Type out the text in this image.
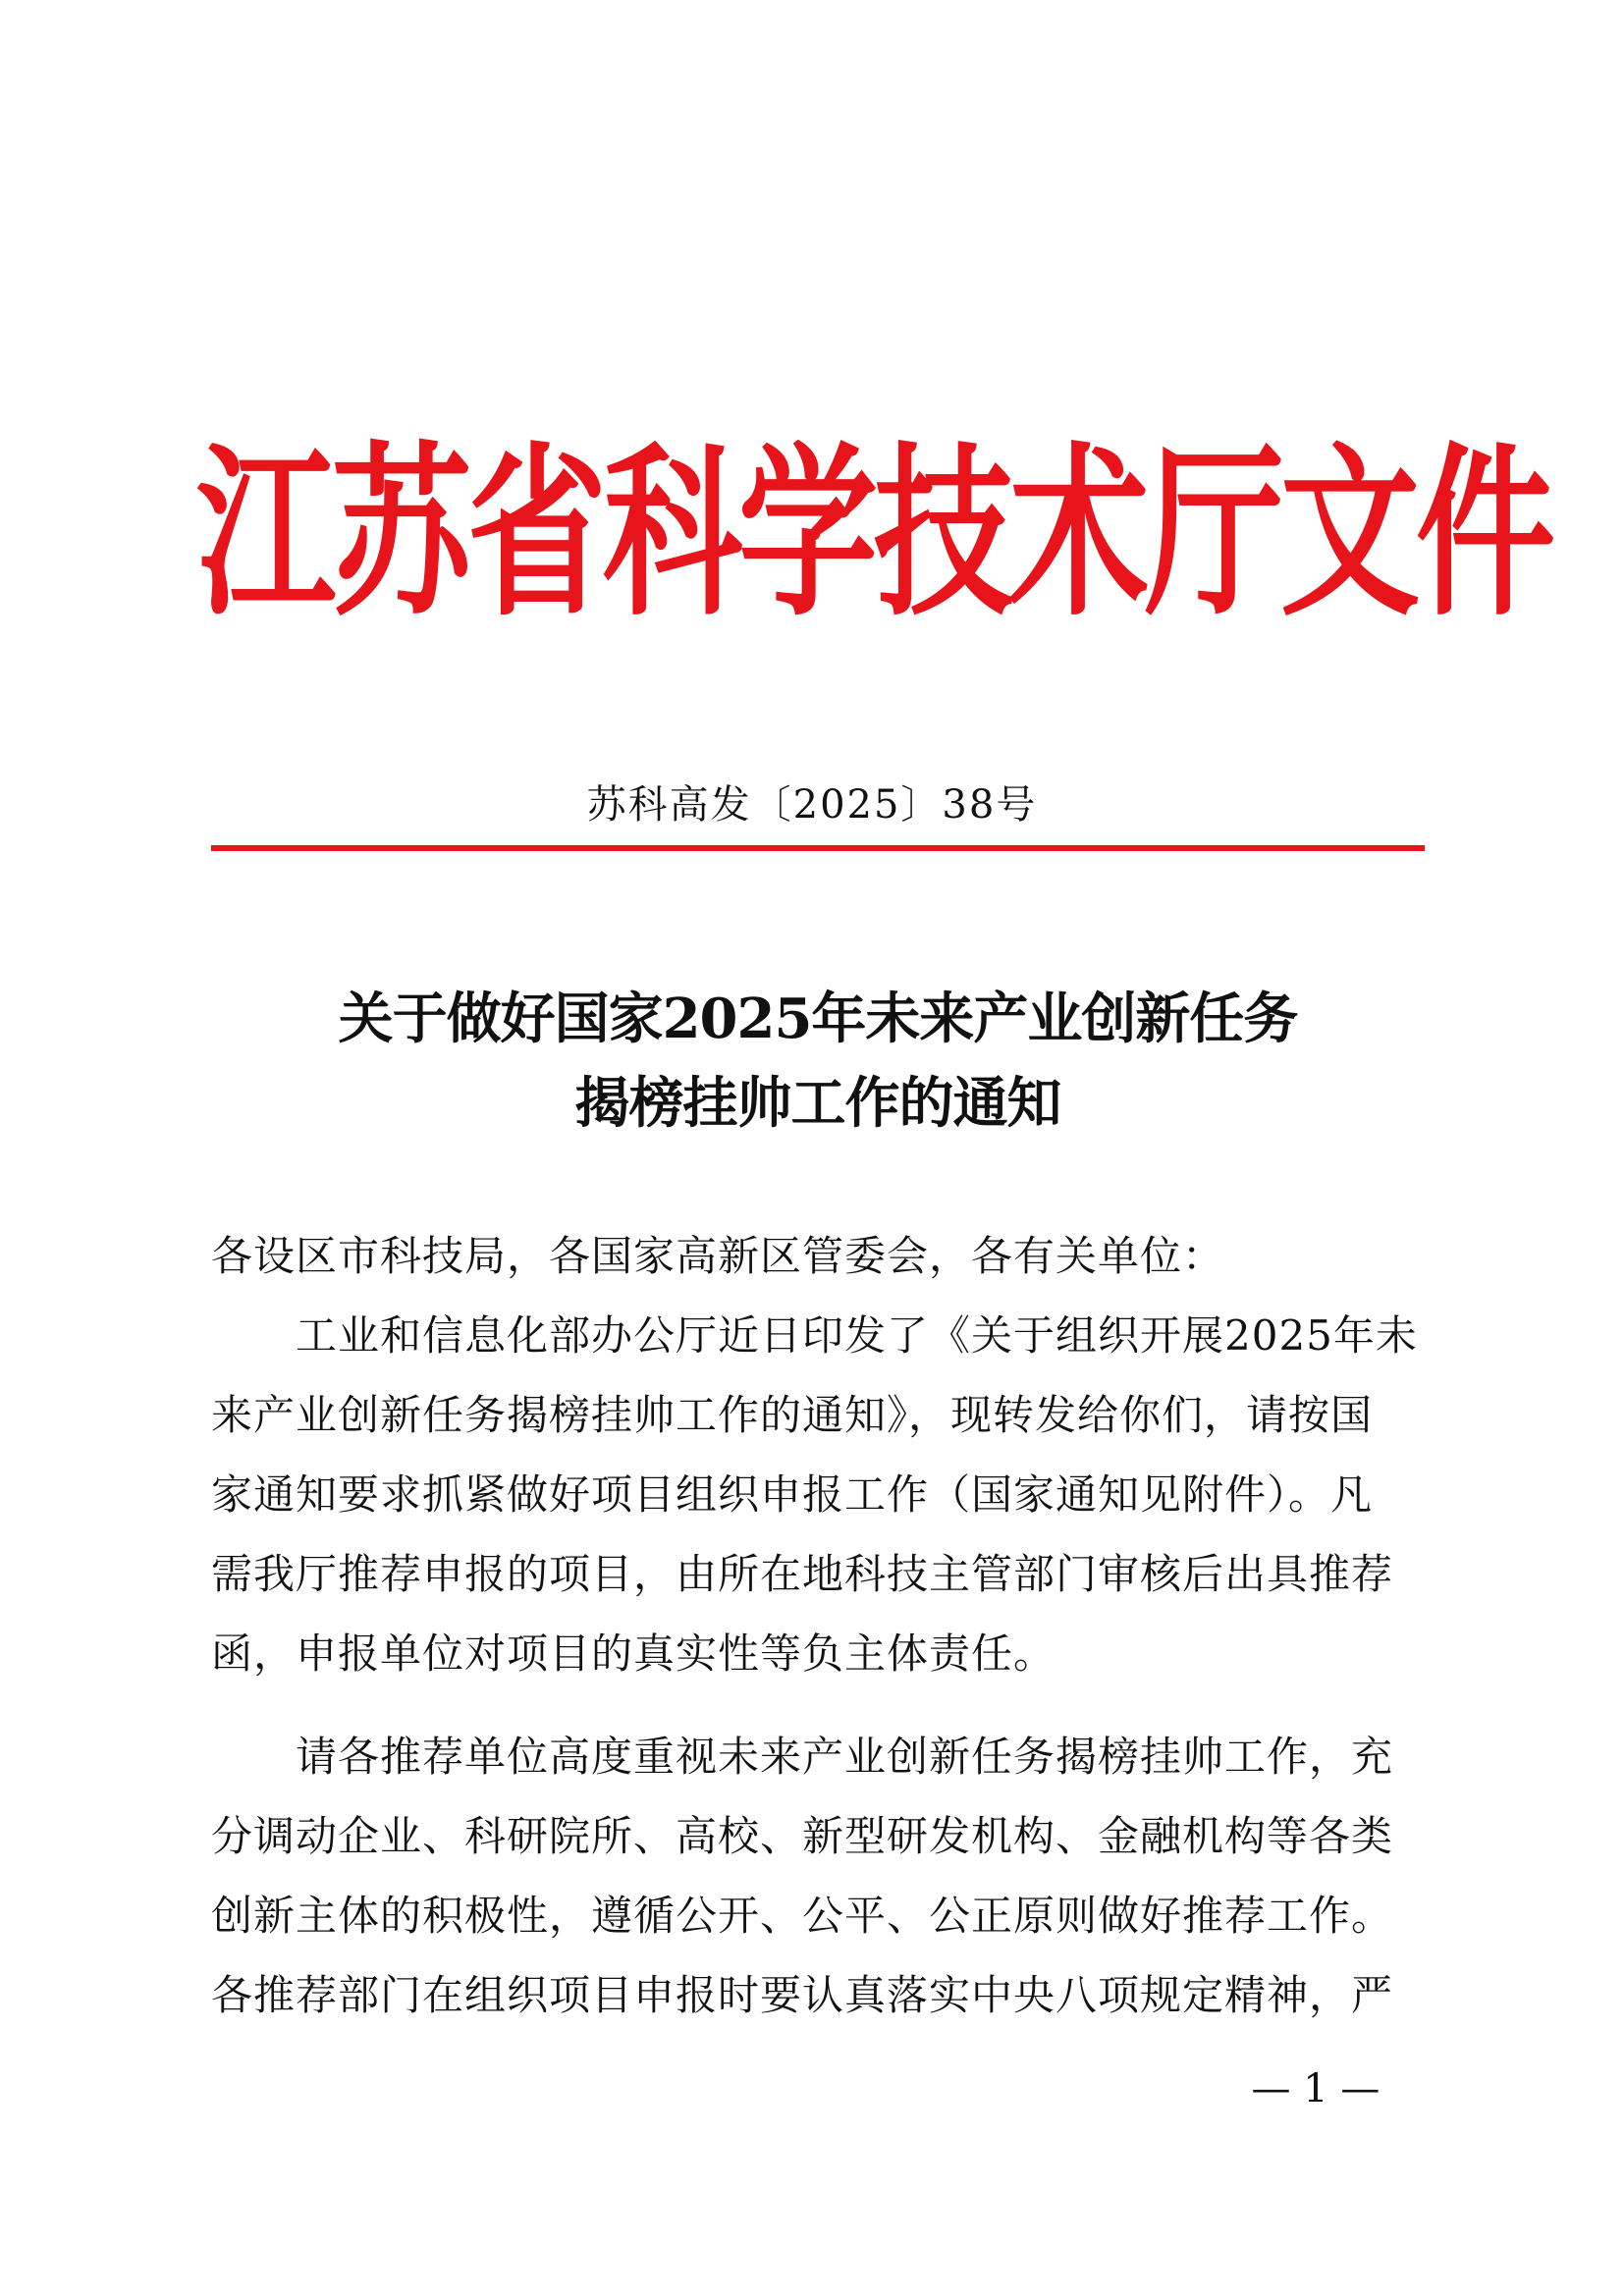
江苏省科学技术厅文件
苏科高发〔2025〕38号
关于做好国家2025年未来产业创新任务
揭榜挂帅工作的通知
各设区市科技局，各国家高新区管委会，各有关单位：
　　工业和信息化部办公厅近日印发了《关于组织开展2025年未
来产业创新任务揭榜挂帅工作的通知》，现转发给你们，请按国
家通知要求抓紧做好项目组织申报工作（国家通知见附件）。凡
需我厅推荐申报的项目，由所在地科技主管部门审核后出具推荐
函，申报单位对项目的真实性等负主体责任。
　　请各推荐单位高度重视未来产业创新任务揭榜挂帅工作，充
分调动企业、科研院所、高校、新型研发机构、金融机构等各类
创新主体的积极性，遵循公开、公平、公正原则做好推荐工作。
各推荐部门在组织项目申报时要认真落实中央八项规定精神，严
— 1 —
